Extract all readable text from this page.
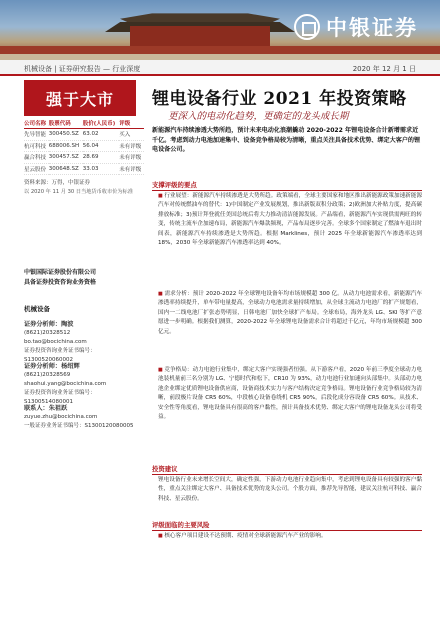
中银证券
机械设备 | 证券研究报告 — 行业深度	2020 年 12 月 1 日
强于大市
公司名称	股票代码	股价(人民币)	评级
先导智能	300450.SZ	63.02	买入
杭可科技	688006.SH	56.04	未有评级
赢合科技	300457.SZ	28.69	未有评级
星云股份	300648.SZ	33.03	未有评级
资料来源：万得，中银证券
以 2020 年 11 月 30 日当地货币收市价为标准
中银国际证券股份有限公司
具备证券投资咨询业务资格
机械设备
证券分析师：陶波
(8621)20328512
bo.tao@bocichina.com
证券投资咨询业务证书编号：S1300520060002
证券分析师：杨绍辉
(8621)20328569
shaohui.yang@bocichina.com
证券投资咨询业务证书编号：S1300514080001
联系人：朱祖跃
zuyue.zhu@bocichina.com
一般证券业务证书编号：S1300120080005
锂电设备行业 2021 年投资策略
更深入的电动化趋势，更确定的龙头成长期
新能源汽车持续渗透大势所趋，预计未来电动化浪潮撬动 2020-2022 年锂电设备合计新增需求近千亿。考虑到动力电池加速集中、设备竞争格局较为清晰，重点关注具备技术优势、绑定大客户的锂电设备公司。
支撑评级的要点
■ 行业展望：新能源汽车持续渗透是大势所趋。政策端看，全球主要国家和地区推出新能源政策加速新能源汽车对传统燃油车的替代：1)中国制定产业发展规划，推出新版双积分政策；2)欧洲加大补贴力度，提高碳排放标准；3)预计拜登就任美国总统后将大力推动清洁能源发展。产品端看，新能源汽车实现供需两旺的转变，传统主流车企加速布局，新能源汽车爆款频现，产品布局逐步完善。全球多个国家制定了燃油车退出时间表，新能源汽车持续渗透是大势所趋。根据 Marklines，预计 2025 年全球新能源汽车渗透率达到 18%，2030 年全球新能源汽车渗透率达到 40%。
■ 需求分析：预计 2020-2022 年全球锂电设备年均市场规模超 300 亿。从动力电池需求看，新能源汽车渗透率持续提升，单车带电量提高，全球动力电池需求量持续增加，从全球主流动力电池厂的扩产规划看，国内一二线电池厂扩张态势明显，日韩电池厂加快全球扩产布局。全球布局，海外龙头 LG、SKI 等扩产意愿进一步明确。根据我们测算，2020-2022 年全球锂电设备需求合计将超过千亿元，年均市场规模超 300 亿元。
■ 竞争格局：动力电池行业集中，绑定大客户实现强者恒强。从下游客户看，2020 年前三季度全球动力电池装机量前三名分别为 LG、宁德时代和松下，CR10 为 93%，动力电池行业加速向头部集中。头部动力电池企业绑定优质锂电设备供应商，设备商技术实力与客户结构决定竞争格局。锂电设备行业竞争格局较为清晰，前段极片设备 CR5 60%，中段核心设备卷绕机 CR5 90%，后段化成分容设备 CR5 60%。从技术、安全性等角度看，锂电设备具有很高的客户黏性，预计具备技术优势、绑定大客户的锂电设备龙头公司将受益。
投资建议
锂电设备行业未来增长空间大，确定性强，下游动力电池行业趋向集中，考虑到锂电设备具有较强的客户黏性，重点关注绑定大客户、具备技术优势的龙头公司。个股方面，推荐先导智能，建议关注杭可科技、赢合科技、星云股份。
评级面临的主要风险
■ 核心客户项目建设不达预期、疫情对全球新能源汽车产业的影响。
